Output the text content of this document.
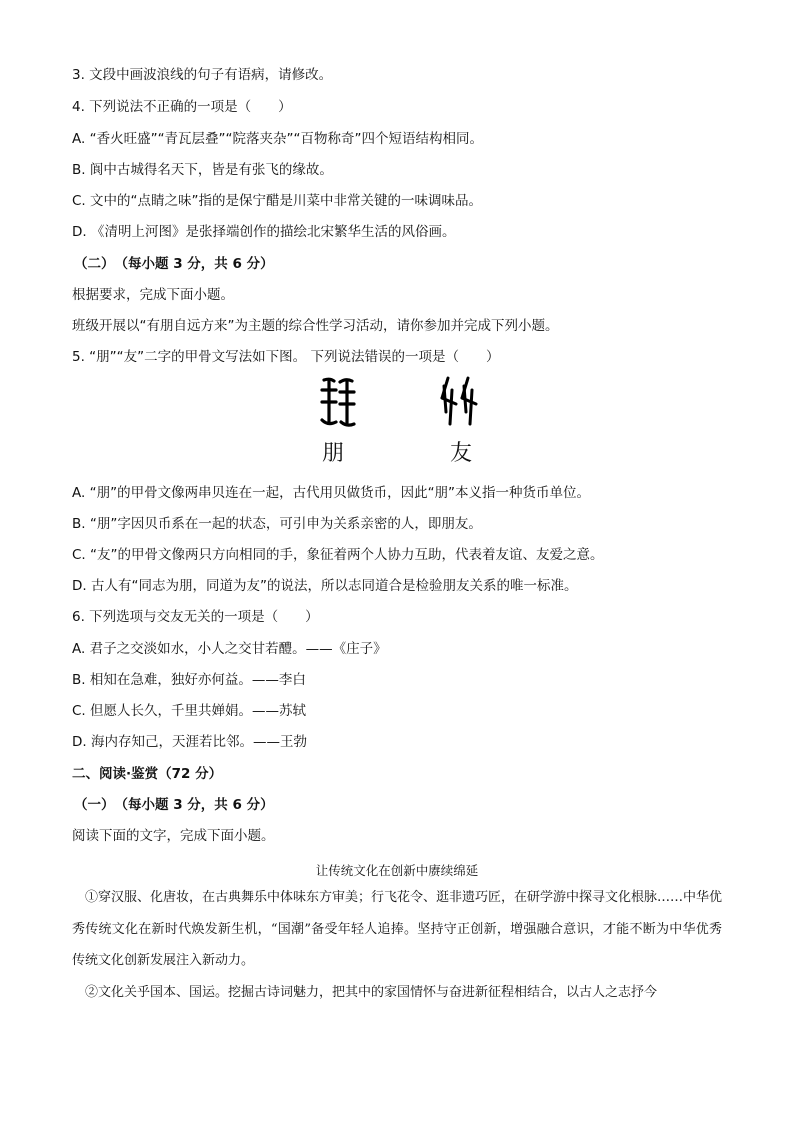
3. 文段中画波浪线的句子有语病，请修改。
4. 下列说法不正确的一项是（　　）
A. “香火旺盛”“青瓦层叠”“院落夹杂”“百物称奇”四个短语结构相同。
B. 阆中古城得名天下，皆是有张飞的缘故。
C. 文中的“点睛之味”指的是保宁醋是川菜中非常关键的一味调味品。
D. 《清明上河图》是张择端创作的描绘北宋繁华生活的风俗画。
（二）　（每小题 3 分，共 6 分）
根据要求，完成下面小题。
班级开展以“有朋自远方来”为主题的综合性学习活动，请你参加并完成下列小题。
5. “朋”“友”二字的甲骨文写法如下图。 下列说法错误的一项是（　　）
朋	友
A. “朋”的甲骨文像两串贝连在一起，古代用贝做货币，因此“朋”本义指一种货币单位。
B. “朋”字因贝币系在一起的状态，可引申为关系亲密的人，即朋友。
C. “友”的甲骨文像两只方向相同的手，象征着两个人协力互助，代表着友谊、友爱之意。
D. 古人有“同志为朋，同道为友”的说法，所以志同道合是检验朋友关系的唯一标准。
6. 下列选项与交友无关的一项是（　　）
A. 君子之交淡如水，小人之交甘若醴。——《庄子》
B. 相知在急难，独好亦何益。——李白
C. 但愿人长久，千里共婵娟。——苏轼
D. 海内存知己，天涯若比邻。——王勃
二、阅读·鉴赏（72 分）
（一）　（每小题 3 分，共 6 分）
阅读下面的文字，完成下面小题。
让传统文化在创新中赓续绵延
①穿汉服、化唐妆，在古典舞乐中体味东方审美；行飞花令、逛非遗巧匠，在研学游中探寻文化根脉……中华优秀传统文化在新时代焕发新生机，“国潮”备受年轻人追捧。坚持守正创新，增强融合意识，才能不断为中华优秀传统文化创新发展注入新动力。
②文化关乎国本、国运。挖掘古诗词魅力，把其中的家国情怀与奋进新征程相结合，以古人之志抒今
